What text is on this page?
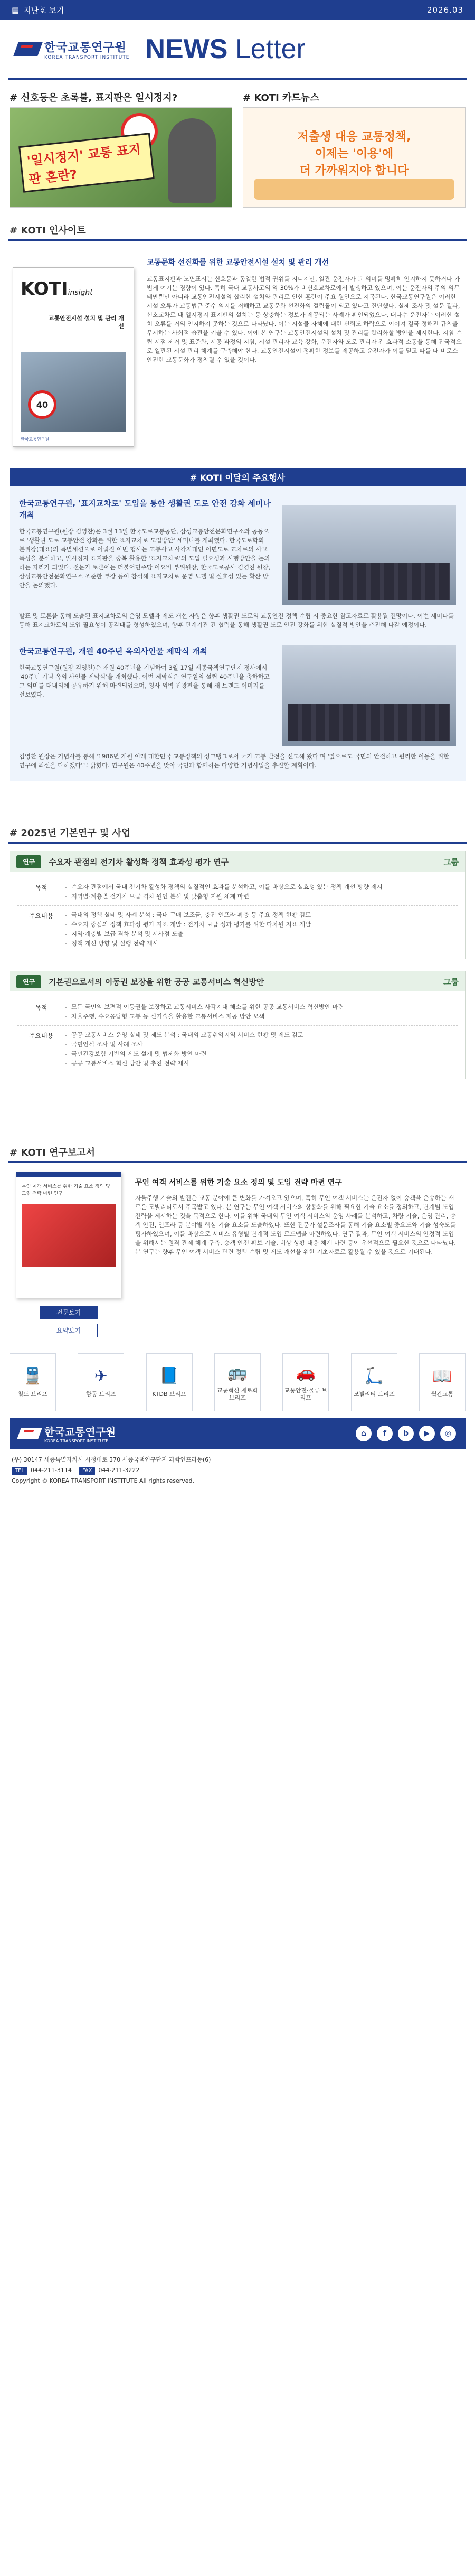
▤ 지난호 보기	2026.03
한국교통연구원
KOREA TRANSPORT INSTITUTE NEWS Letter
# 신호등은 초록불, 표지판은 일시정지?
'일시정지' 교통 표지판 혼란?
# KOTI 카드뉴스
저출생 대응 교통정책,
이제는 '이용'에
더 가까워지야 합니다
# KOTI 인사이트
KOTIinsight
교통안전시설 설치 및 관리 개선
40
한국교통연구원
교통문화 선진화를 위한 교통안전시설 설치 및 관리 개선

교통표지판과 노면표시는 신호등과 동일한 법적 권위를 지니지만, 일관 운전자가 그 의미를 명확히 인지하지 못하거나 가볍게 여기는 경향이 있다. 특히 국내 교통사고의 약 30%가 비신호교차로에서 발생하고 있으며, 이는 운전자의 주의 의무 태만뿐만 아니라 교통안전시설의 합리한 설치와 관리로 인한 혼란이 주요 원인으로 지목된다. 한국교통연구원은 이러한 시설 오류가 교통법규 준수 의지를 저해하고 교통문화 선진화의 걸림돌이 되고 있다고 진단했다. 실제 조사 및 설문 결과, 신호교차로 내 일시정지 표지판의 설치는 등 상충하는 정보가 제공되는 사례가 확인되었으나, 대다수 운전자는 이러한 설치 오류를 거의 인지하지 못하는 것으로 나타났다. 이는 시설물 자체에 대한 신뢰도 하락으로 이어져 결국 정해진 규칙을 무시하는 사회적 습관을 키울 수 있다. 이에 본 연구는 교통안전시설의 설치 및 관리를 합리화할 방안을 제시한다. 지침 수립 시점 제거 및 표준화, 시공 과정의 지침, 시설 관리자 교육 강화, 운전자와 도로 관리자 간 효과적 소통을 통해 전국적으로 일관된 시설 관리 체계를 구축해야 한다. 교통안전시설이 정확한 정보를 제공하고 운전자가 이를 믿고 따를 때 비로소 안전한 교통문화가 정착될 수 있을 것이다.

# KOTI 이달의 주요행사
한국교통연구원, '표지교차로' 도입을 통한 생활권 도로 안전 강화 세미나 개최

한국교통연구원(원장 김영찬)은 3월 13일 한국도로교통공단, 삼성교통안전문화연구소와 공동으로 '생활권 도로 교통안전 강화를 위한 표지교차로 도입방안' 세미나를 개최했다. 한국도로학회 분위장(대표)의 특별세션으로 이뤄진 이번 행사는 교통사고 사각지대인 이면도로 교차로의 사고 특성을 분석하고, 일시정지 표지판을 중복 활용한 '표지교차로'의 도입 필요성과 시행방안을 논의하는 자리가 되었다. 전문가 토론에는 더불어민주당 이요비 부위원장, 한국도로공사 김경진 원장, 삼성교통안전문화연구소 조준한 부장 등이 참석해 표지교차로 운영 모델 및 실효성 있는 확산 방안을 논의했다.

발표 및 토론을 통해 도출된 표지교차로의 운영 모델과 제도 개선 사항은 향후 생활권 도로의 교통안전 정책 수립 시 중요한 참고자료로 활용될 전망이다. 이번 세미나를 통해 표지교차로의 도입 필요성이 공감대를 형성하였으며, 향후 관계기관 간 협력을 통해 생활권 도로 안전 강화를 위한 실질적 방안을 추진해 나갈 예정이다.

한국교통연구원, 개원 40주년 옥외사인물 제막식 개최

한국교통연구원(원장 김영찬)은 개원 40주년을 기념하여 3월 17일 세종국책연구단지 정사에서 '40주년 기념 옥외 사인물 제막식'을 개최했다. 이번 제막식은 연구원의 설립 40주년을 축하하고 그 의미를 대내외에 공유하기 위해 마련되었으며, 청사 외벽 전광판을 통해 새 브랜드 이미지를 선보였다.

김영찬 원장은 기념사를 통해 '1986년 개원 이래 대한민국 교통정책의 싱크탱크로서 국가 교통 발전을 선도해 왔다'며 '앞으로도 국민의 안전하고 편리한 이동을 위한 연구에 최선을 다하겠다'고 밝혔다. 연구원은 40주년을 맞아 국민과 함께하는 다양한 기념사업을 추진할 계획이다.

# 2025년 기본연구 및 사업
연구	수요자 관점의 전기차 활성화 정책 효과성 평가 연구	그룹
목적	- 수요자 관점에서 국내 전기차 활성화 정책의 실질적인 효과를 분석하고, 이를 바탕으로 실효성 있는 정책 개선 방향 제시
- 지역별·계층별 전기차 보급 격차 원인 분석 및 맞춤형 지원 체계 마련
주요내용	- 국내외 정책 실태 및 사례 분석 : 국내 구매 보조금, 충전 인프라 확충 등 주요 정책 현황 검토
- 수요자 중심의 정책 효과성 평가 지표 개발 : 전기차 보급 성과 평가를 위한 다차원 지표 개발
- 지역·계층별 보급 격차 분석 및 시사점 도출
- 정책 개선 방향 및 실행 전략 제시
연구	기본권으로서의 이동권 보장을 위한 공공 교통서비스 혁신방안	그룹
목적	- 모든 국민의 보편적 이동권을 보장하고 교통서비스 사각지대 해소를 위한 공공 교통서비스 혁신방안 마련
- 자율주행, 수요응답형 교통 등 신기술을 활용한 교통서비스 제공 방안 모색
주요내용	- 공공 교통서비스 운영 실태 및 제도 분석 : 국내외 교통취약지역 서비스 현황 및 제도 검토
- 국민인식 조사 및 사례 조사
- 국민건강보험 기반의 제도 설계 및 법제화 방안 마련
- 공공 교통서비스 혁신 방안 및 추진 전략 제시
# KOTI 연구보고서
무인 여객 서비스를 위한 기술 요소 정의 및 도입 전략 마련 연구
전문보기
요약보기
무인 여객 서비스를 위한 기술 요소 정의 및 도입 전략 마련 연구

자율주행 기술의 발전은 교통 분야에 큰 변화를 가져오고 있으며, 특히 무인 여객 서비스는 운전자 없이 승객을 운송하는 새로운 모빌리티로서 주목받고 있다. 본 연구는 무인 여객 서비스의 상용화를 위해 필요한 기술 요소를 정의하고, 단계별 도입 전략을 제시하는 것을 목적으로 한다. 이를 위해 국내외 무인 여객 서비스의 운영 사례를 분석하고, 차량 기술, 운영 관리, 승객 안전, 인프라 등 분야별 핵심 기술 요소를 도출하였다. 또한 전문가 설문조사를 통해 기술 요소별 중요도와 기술 성숙도를 평가하였으며, 이를 바탕으로 서비스 유형별 단계적 도입 로드맵을 마련하였다. 연구 결과, 무인 여객 서비스의 안정적 도입을 위해서는 원격 관제 체계 구축, 승객 안전 확보 기술, 비상 상황 대응 체계 마련 등이 우선적으로 필요한 것으로 나타났다. 본 연구는 향후 무인 여객 서비스 관련 정책 수립 및 제도 개선을 위한 기초자료로 활용될 수 있을 것으로 기대된다.

🚆
철도 브리프
✈
항공 브리프
📘
KTDB 브리프
🚌
교통혁신 제로화 브리프
🚗
교통안전·물류 브리프
🛴
모빌리티 브리프
📖
월간교통
한국교통연구원
KOREA TRANSPORT INSTITUTE
⌂	f	b	▶	◎
(우) 30147 세종특별자치시 시청대로 370 세종국책연구단지 과학인프라동(6)
TEL 044-211-3114 FAX 044-211-3222
Copyright © KOREA TRANSPORT INSTITUTE All rights reserved.
